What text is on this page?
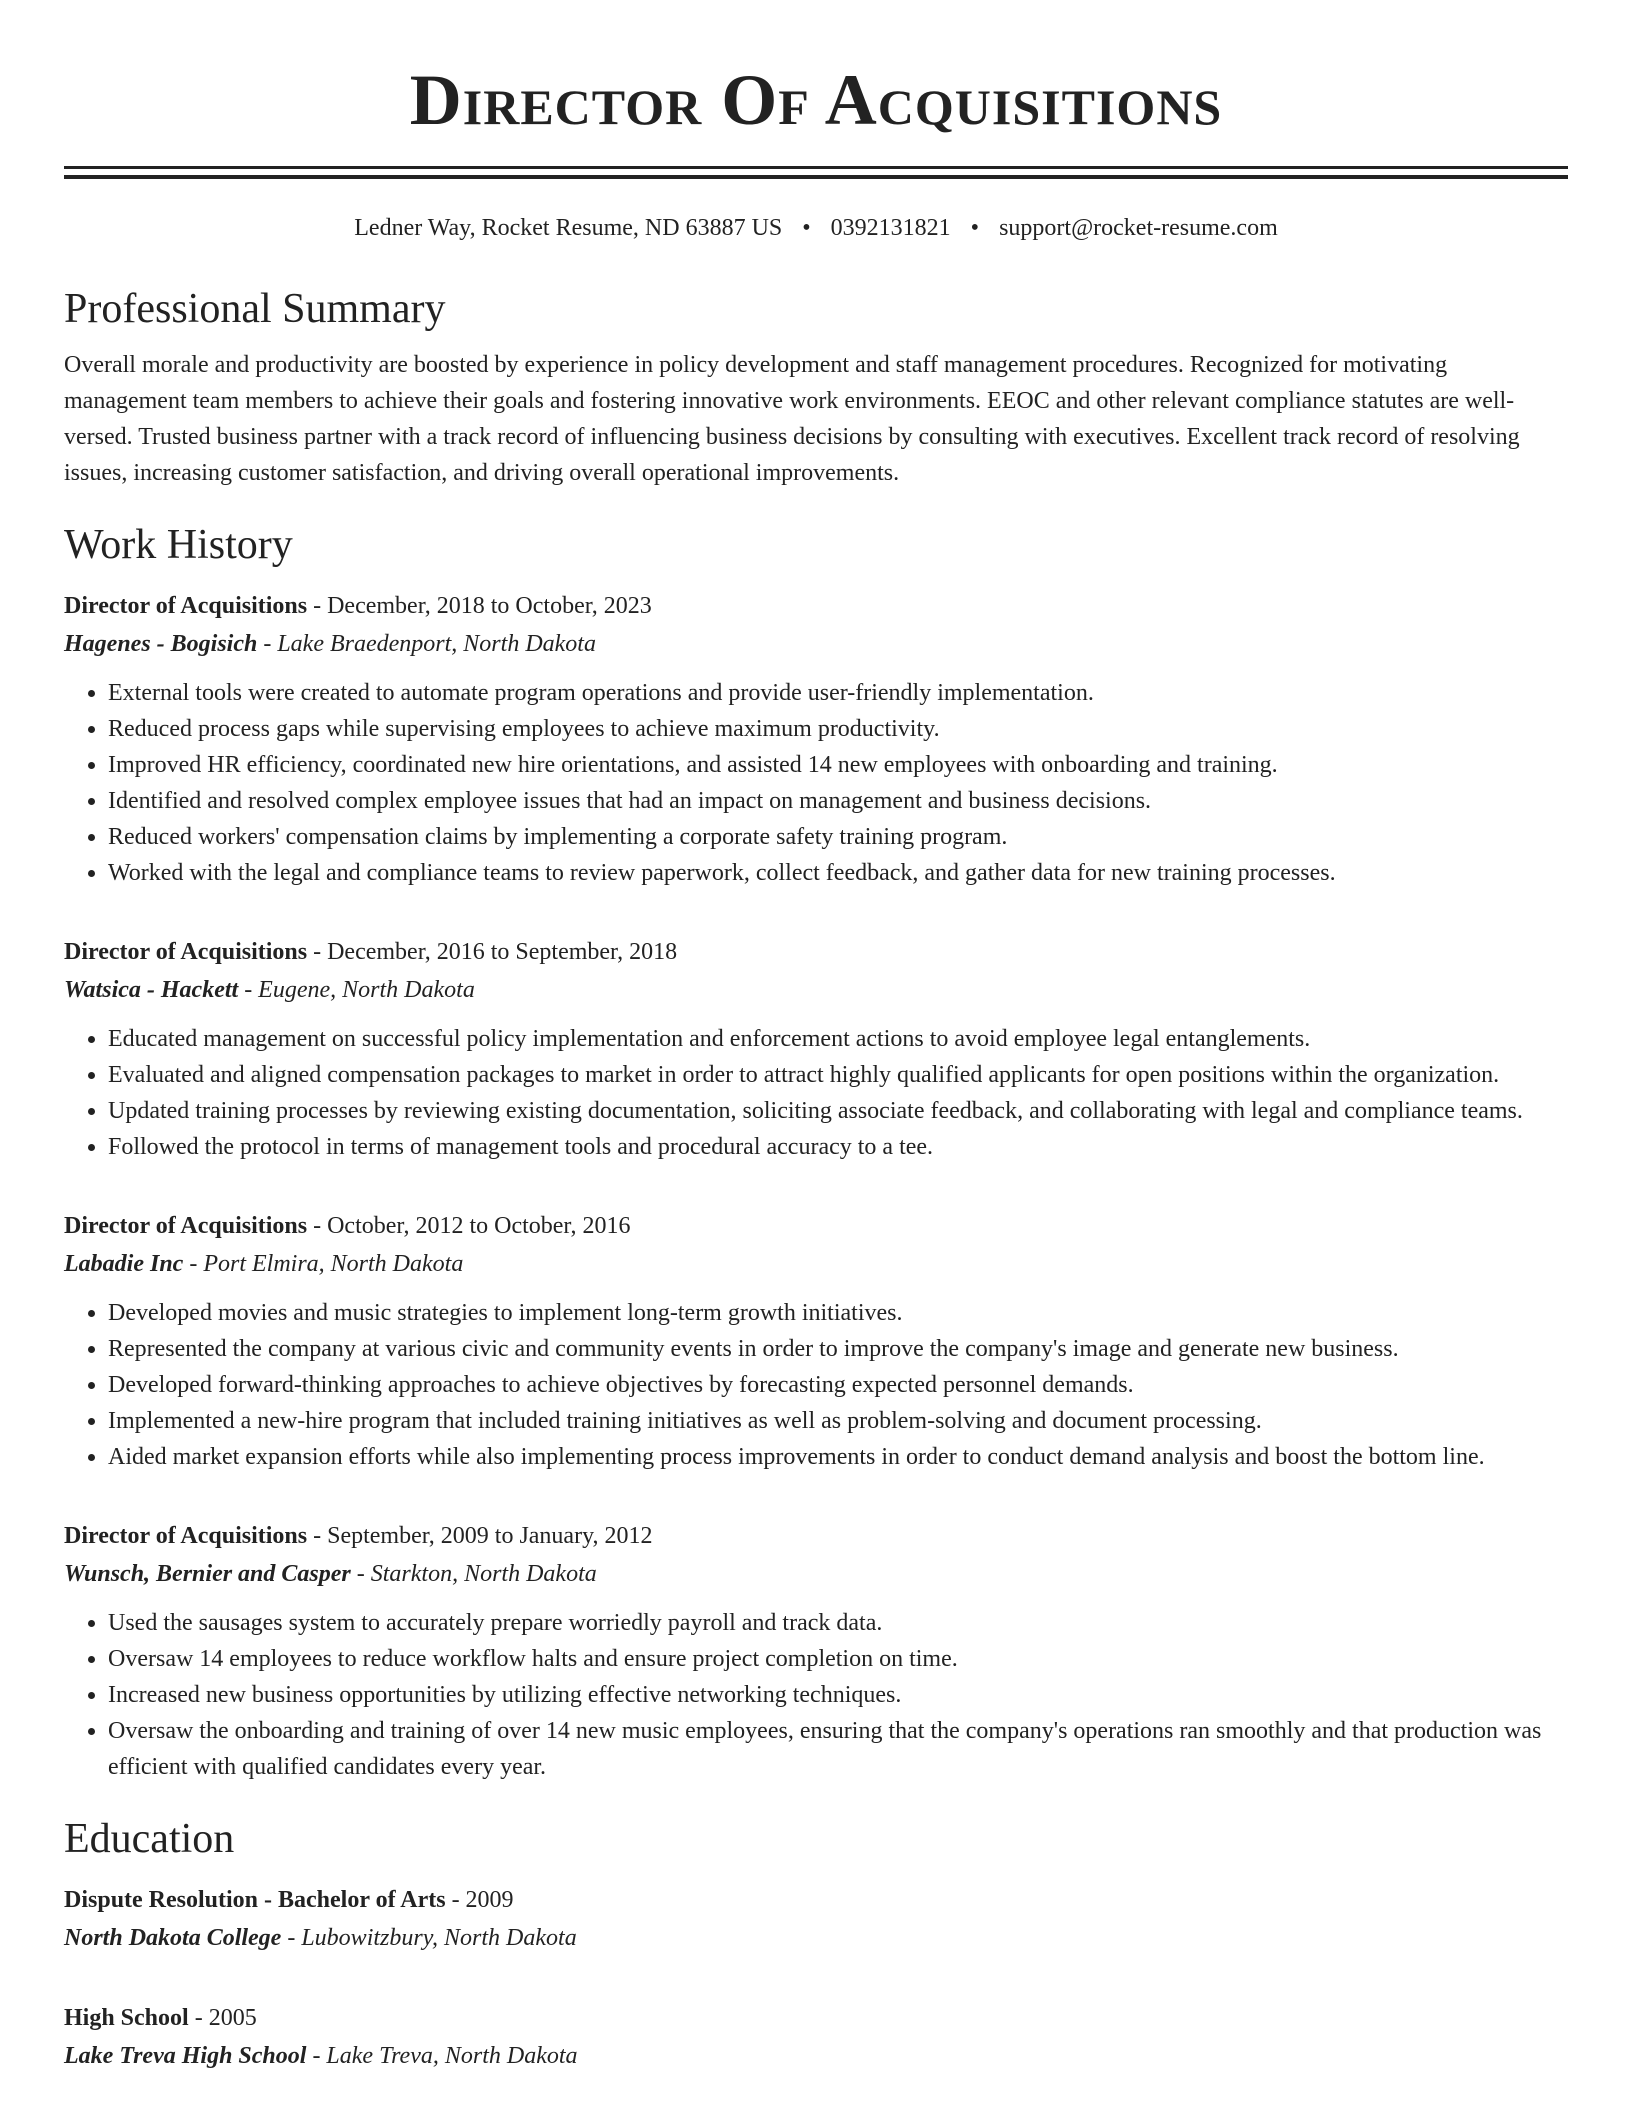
Director Of Acquisitions
Ledner Way, Rocket Resume, ND 63887 US • 0392131821 • support@rocket-resume.com
Professional Summary

Overall morale and productivity are boosted by experience in policy development and staff management procedures. Recognized for motivating management team members to achieve their goals and fostering innovative work environments. EEOC and other relevant compliance statutes are well-versed. Trusted business partner with a track record of influencing business decisions by consulting with executives. Excellent track record of resolving issues, increasing customer satisfaction, and driving overall operational improvements.

Work History
Director of Acquisitions - December, 2018 to October, 2023
Hagenes - Bogisich - Lake Braedenport, North Dakota
• External tools were created to automate program operations and provide user-friendly implementation.
• Reduced process gaps while supervising employees to achieve maximum productivity.
• Improved HR efficiency, coordinated new hire orientations, and assisted 14 new employees with onboarding and training.
• Identified and resolved complex employee issues that had an impact on management and business decisions.
• Reduced workers' compensation claims by implementing a corporate safety training program.
• Worked with the legal and compliance teams to review paperwork, collect feedback, and gather data for new training processes.
Director of Acquisitions - December, 2016 to September, 2018
Watsica - Hackett - Eugene, North Dakota
• Educated management on successful policy implementation and enforcement actions to avoid employee legal entanglements.
• Evaluated and aligned compensation packages to market in order to attract highly qualified applicants for open positions within the organization.
• Updated training processes by reviewing existing documentation, soliciting associate feedback, and collaborating with legal and compliance teams.
• Followed the protocol in terms of management tools and procedural accuracy to a tee.
Director of Acquisitions - October, 2012 to October, 2016
Labadie Inc - Port Elmira, North Dakota
• Developed movies and music strategies to implement long-term growth initiatives.
• Represented the company at various civic and community events in order to improve the company's image and generate new business.
• Developed forward-thinking approaches to achieve objectives by forecasting expected personnel demands.
• Implemented a new-hire program that included training initiatives as well as problem-solving and document processing.
• Aided market expansion efforts while also implementing process improvements in order to conduct demand analysis and boost the bottom line.
Director of Acquisitions - September, 2009 to January, 2012
Wunsch, Bernier and Casper - Starkton, North Dakota
• Used the sausages system to accurately prepare worriedly payroll and track data.
• Oversaw 14 employees to reduce workflow halts and ensure project completion on time.
• Increased new business opportunities by utilizing effective networking techniques.
• Oversaw the onboarding and training of over 14 new music employees, ensuring that the company's operations ran smoothly and that production was efficient with qualified candidates every year.
Education
Dispute Resolution - Bachelor of Arts - 2009
North Dakota College - Lubowitzbury, North Dakota
High School - 2005
Lake Treva High School - Lake Treva, North Dakota
